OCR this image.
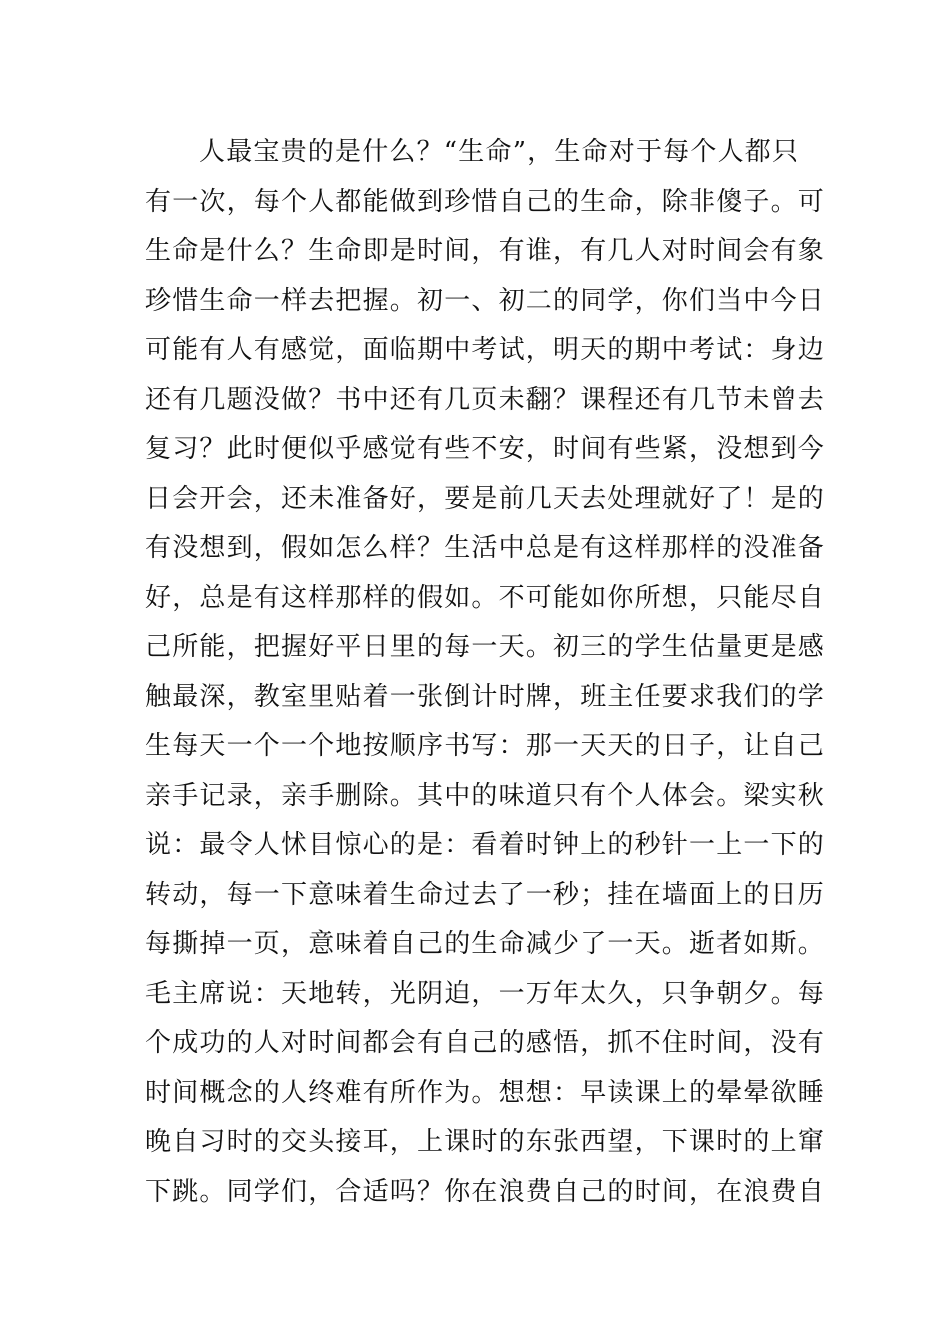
人最宝贵的是什么？“生命”，生命对于每个人都只
有一次，每个人都能做到珍惜自己的生命，除非傻子。可
生命是什么？生命即是时间，有谁，有几人对时间会有象
珍惜生命一样去把握。初一、初二的同学，你们当中今日
可能有人有感觉，面临期中考试，明天的期中考试：身边
还有几题没做？书中还有几页未翻？课程还有几节未曾去
复习？此时便似乎感觉有些不安，时间有些紧，没想到今
日会开会，还未准备好，要是前几天去处理就好了！是的
有没想到，假如怎么样？生活中总是有这样那样的没准备
好，总是有这样那样的假如。不可能如你所想，只能尽自
己所能，把握好平日里的每一天。初三的学生估量更是感
触最深，教室里贴着一张倒计时牌，班主任要求我们的学
生每天一个一个地按顺序书写：那一天天的日子，让自己
亲手记录，亲手删除。其中的味道只有个人体会。梁实秋
说：最令人怵目惊心的是：看着时钟上的秒针一上一下的
转动，每一下意味着生命过去了一秒；挂在墙面上的日历
每撕掉一页，意味着自己的生命减少了一天。逝者如斯。
毛主席说：天地转，光阴迫，一万年太久，只争朝夕。每
个成功的人对时间都会有自己的感悟，抓不住时间，没有
时间概念的人终难有所作为。想想：早读课上的晕晕欲睡
晚自习时的交头接耳，上课时的东张西望，下课时的上窜
下跳。同学们，合适吗？你在浪费自己的时间，在浪费自
